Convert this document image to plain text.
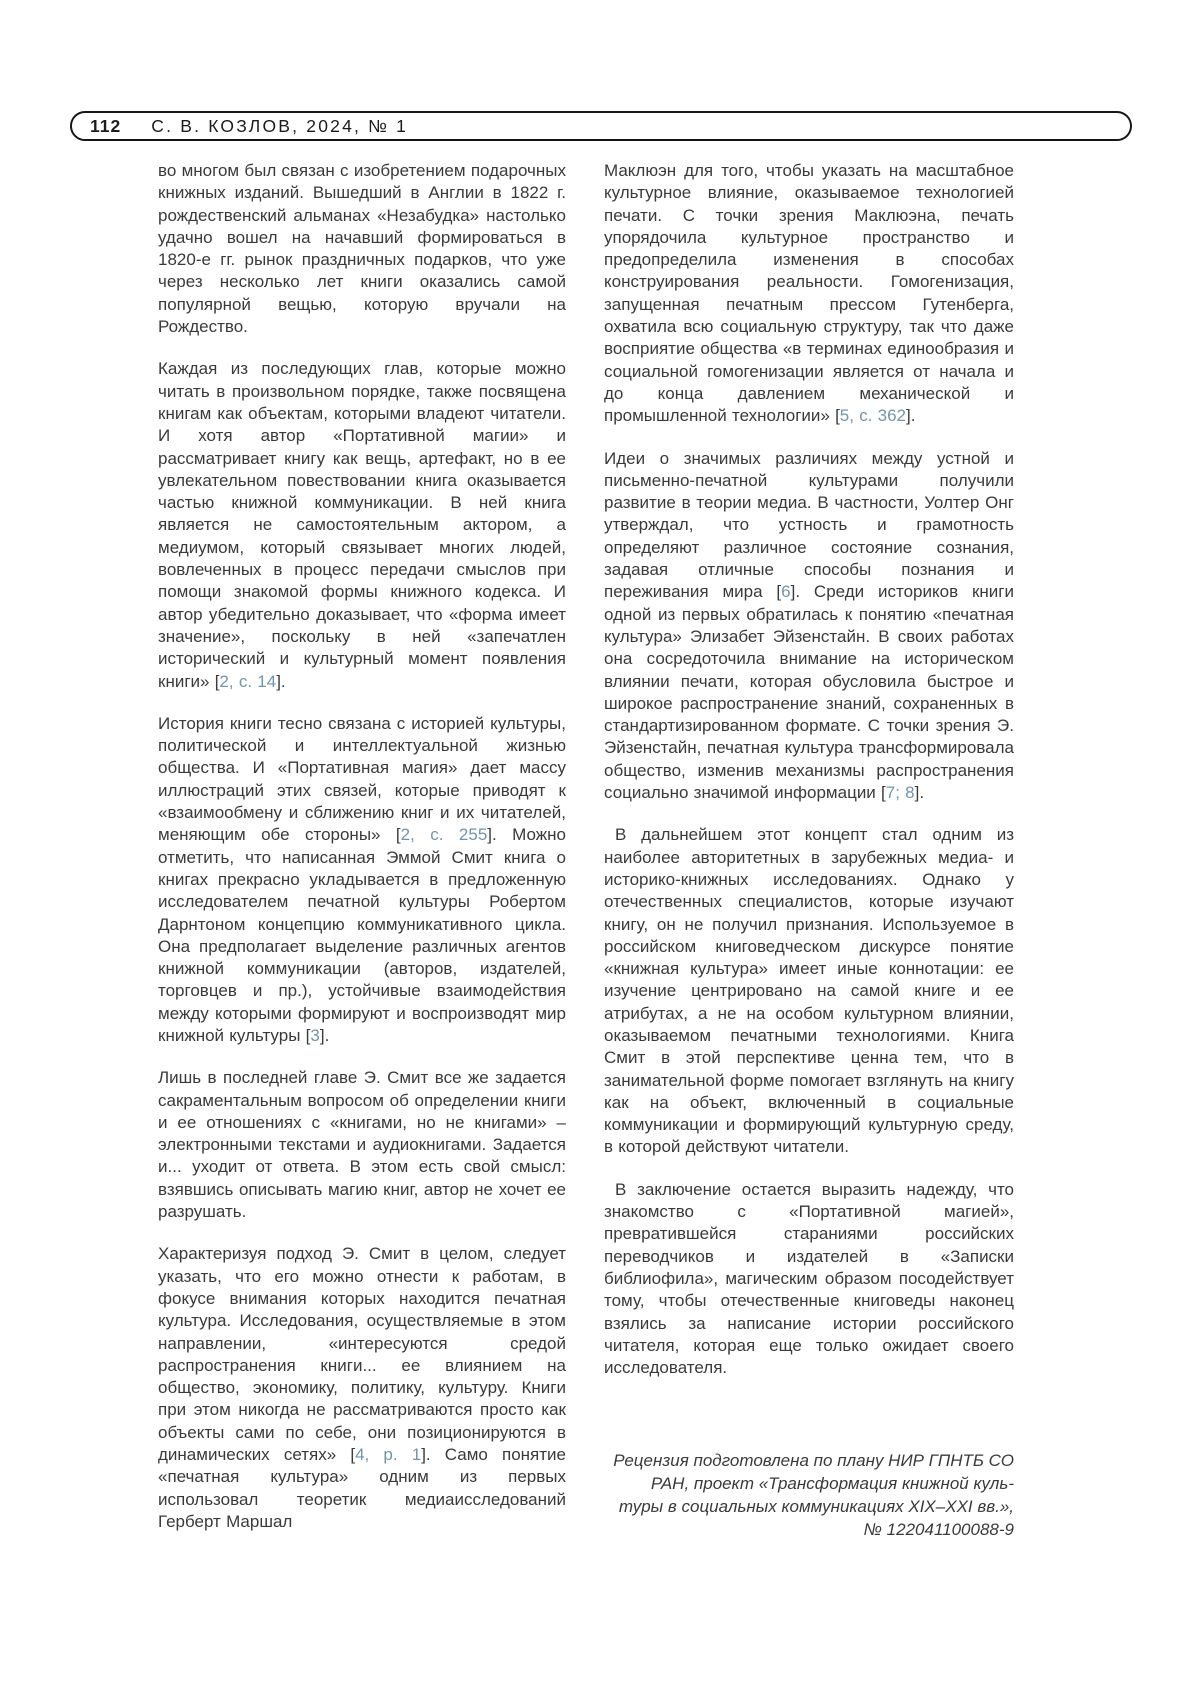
112 С. В. КОЗЛОВ, 2024, № 1

во многом был связан с изобретением подарочных книжных изданий. Вышедший в Англии в 1822 г. рождественский альманах «Незабудка» настолько удачно вошел на начавший формироваться в 1820-е гг. рынок праздничных подарков, что уже через несколько лет книги оказались самой популярной вещью, которую вручали на Рождество.

Каждая из последующих глав, которые можно читать в произвольном порядке, также посвящена книгам как объектам, которыми владеют читатели. И хотя автор «Портативной магии» и рассматривает книгу как вещь, артефакт, но в ее увлекательном повествовании книга оказывается частью книжной коммуникации. В ней книга является не самостоятельным актором, а медиумом, который связывает многих людей, вовлеченных в процесс передачи смыслов при помощи знакомой формы книжного кодекса. И автор убедительно доказывает, что «форма имеет значение», поскольку в ней «запечатлен исторический и культурный момент появления книги» [2, с. 14].

История книги тесно связана с историей культуры, политической и интеллектуальной жизнью общества. И «Портативная магия» дает массу иллюстраций этих связей, которые приводят к «взаимообмену и сближению книг и их читателей, меняющим обе стороны» [2, с. 255]. Можно отметить, что написанная Эммой Смит книга о книгах прекрасно укладывается в предложенную исследователем печатной культуры Робертом Дарнтоном концепцию коммуникативного цикла. Она предполагает выделение различных агентов книжной коммуникации (авторов, издателей, торговцев и пр.), устойчивые взаимодействия между которыми формируют и воспроизводят мир книжной культуры [3].

Лишь в последней главе Э. Смит все же задается сакраментальным вопросом об определении книги и ее отношениях с «книгами, но не книгами» – электронными текстами и аудиокнигами. Задается и... уходит от ответа. В этом есть свой смысл: взявшись описывать магию книг, автор не хочет ее разрушать.

Характеризуя подход Э. Смит в целом, следует указать, что его можно отнести к работам, в фокусе внимания которых находится печатная культура. Исследования, осуществляемые в этом направлении, «интересуются средой распространения книги... ее влиянием на общество, экономику, политику, культуру. Книги при этом никогда не рассматриваются просто как объекты сами по себе, они позиционируются в динамических сетях» [4, p. 1]. Само понятие «печатная культура» одним из первых использовал теоретик медиаисследований Герберт Маршал

Маклюэн для того, чтобы указать на масштабное культурное влияние, оказываемое технологией печати. С точки зрения Маклюэна, печать упорядочила культурное пространство и предопределила изменения в способах конструирования реальности. Гомогенизация, запущенная печатным прессом Гутенберга, охватила всю социальную структуру, так что даже восприятие общества «в терминах единообразия и социальной гомогенизации является от начала и до конца давлением механической и промышленной технологии» [5, с. 362].

Идеи о значимых различиях между устной и письменно-печатной культурами получили развитие в теории медиа. В частности, Уолтер Онг утверждал, что устность и грамотность определяют различное состояние сознания, задавая отличные способы познания и переживания мира [6]. Среди историков книги одной из первых обратилась к понятию «печатная культура» Элизабет Эйзенстайн. В своих работах она сосредоточила внимание на историческом влиянии печати, которая обусловила быстрое и широкое распространение знаний, сохраненных в стандартизированном формате. С точки зрения Э. Эйзенстайн, печатная культура трансформировала общество, изменив механизмы распространения социально значимой информации [7; 8].

В дальнейшем этот концепт стал одним из наиболее авторитетных в зарубежных медиа- и историко-книжных исследованиях. Однако у отечественных специалистов, которые изучают книгу, он не получил признания. Используемое в российском книговедческом дискурсе понятие «книжная культура» имеет иные коннотации: ее изучение центрировано на самой книге и ее атрибутах, а не на особом культурном влиянии, оказываемом печатными технологиями. Книга Смит в этой перспективе ценна тем, что в занимательной форме помогает взглянуть на книгу как на объект, включенный в социальные коммуникации и формирующий культурную среду, в которой действуют читатели.

В заключение остается выразить надежду, что знакомство с «Портативной магией», превратившейся стараниями российских переводчиков и издателей в «Записки библиофила», магическим образом посодействует тому, чтобы отечественные книговеды наконец взялись за написание истории российского читателя, которая еще только ожидает своего исследователя.

Рецензия подготовлена по плану НИР ГПНТБ СО
РАН, проект «Трансформация книжной куль-
туры в социальных коммуникациях XIX–XXI вв.»,
№ 122041100088-9
